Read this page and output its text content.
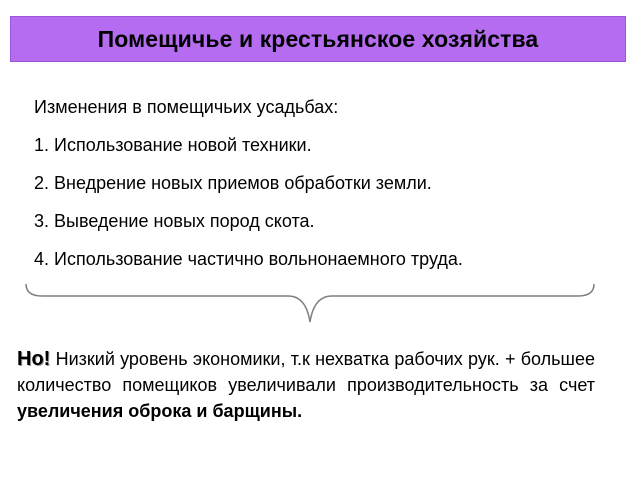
Помещичье и крестьянское хозяйства
Изменения в помещичьих усадьбах:
1. Использование новой техники.
2. Внедрение новых приемов обработки земли.
3. Выведение новых пород скота.
4. Использование частично вольнонаемного труда.
Но! Низкий уровень экономики, т.к нехватка рабочих рук. + большее количество помещиков увеличивали производительность за счет увеличения оброка и барщины.
